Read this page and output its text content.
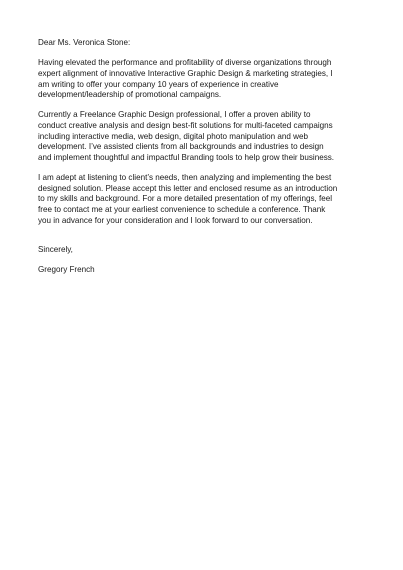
Dear Ms. Veronica Stone:
Having elevated the performance and profitability of diverse organizations through
expert alignment of innovative Interactive Graphic Design & marketing strategies, I
am writing to offer your company 10 years of experience in creative
development/leadership of promotional campaigns.
Currently a Freelance Graphic Design professional, I offer a proven ability to
conduct creative analysis and design best-fit solutions for multi-faceted campaigns
including interactive media, web design, digital photo manipulation and web
development. I’ve assisted clients from all backgrounds and industries to design
and implement thoughtful and impactful Branding tools to help grow their business.
I am adept at listening to client’s needs, then analyzing and implementing the best
designed solution. Please accept this letter and enclosed resume as an introduction
to my skills and background. For a more detailed presentation of my offerings, feel
free to contact me at your earliest convenience to schedule a conference. Thank
you in advance for your consideration and I look forward to our conversation.
Sincerely,
Gregory French
